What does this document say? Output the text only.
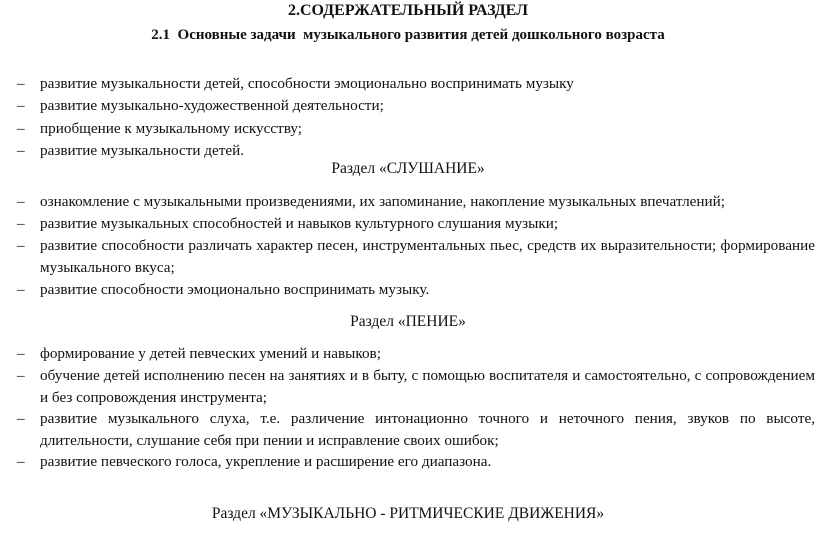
2.СОДЕРЖАТЕЛЬНЫЙ РАЗДЕЛ
2.1  Основные задачи  музыкального развития детей дошкольного возраста
– развитие музыкальности детей, способности эмоционально воспринимать музыку
– развитие музыкально-художественной деятельности;
– приобщение к музыкальному искусству;
– развитие музыкальности детей.
Раздел «СЛУШАНИЕ»
– ознакомление с музыкальными произведениями, их запоминание, накопление музыкальных впечатлений;
– развитие музыкальных способностей и навыков культурного слушания музыки;
– развитие способности различать характер песен, инструментальных пьес, средств их выразительности; формирование музыкального вкуса;
– развитие способности эмоционально воспринимать музыку.
Раздел «ПЕНИЕ»
– формирование у детей певческих умений и навыков;
– обучение детей исполнению песен на занятиях и в быту, с помощью воспитателя и самостоятельно, с сопровождением и без сопровождения инструмента;
– развитие музыкального слуха, т.е. различение интонационно точного и неточного пения, звуков по высоте, длительности, слушание себя при пении и исправление своих ошибок;
– развитие певческого голоса, укрепление и расширение его диапазона.
Раздел «МУЗЫКАЛЬНО - РИТМИЧЕСКИЕ ДВИЖЕНИЯ»
